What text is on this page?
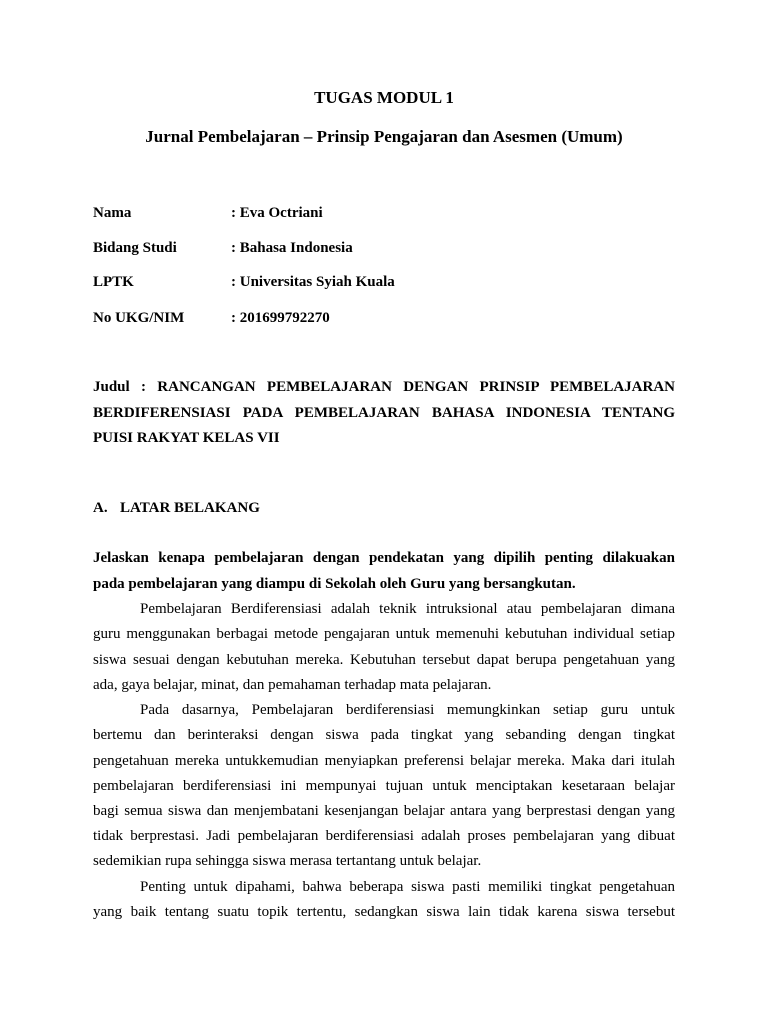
TUGAS MODUL 1
Jurnal Pembelajaran – Prinsip Pengajaran dan Asesmen (Umum)
Nama	: Eva Octriani
Bidang Studi	: Bahasa Indonesia
LPTK	: Universitas Syiah Kuala
No UKG/NIM	: 201699792270
Judul : RANCANGAN PEMBELAJARAN DENGAN PRINSIP PEMBELAJARAN
BERDIFERENSIASI PADA PEMBELAJARAN BAHASA INDONESIA TENTANG
PUISI RAKYAT KELAS VII
A. LATAR BELAKANG
Jelaskan kenapa pembelajaran dengan pendekatan yang dipilih penting dilakuakan
pada pembelajaran yang diampu di Sekolah oleh Guru yang bersangkutan.
Pembelajaran Berdiferensiasi adalah teknik intruksional atau pembelajaran dimana
guru menggunakan berbagai metode pengajaran untuk memenuhi kebutuhan individual setiap
siswa sesuai dengan kebutuhan mereka. Kebutuhan tersebut dapat berupa pengetahuan yang
ada, gaya belajar, minat, dan pemahaman terhadap mata pelajaran.
Pada dasarnya, Pembelajaran berdiferensiasi memungkinkan setiap guru untuk
bertemu dan berinteraksi dengan siswa pada tingkat yang sebanding dengan tingkat
pengetahuan mereka untukkemudian menyiapkan preferensi belajar mereka. Maka dari itulah
pembelajaran berdiferensiasi ini mempunyai tujuan untuk menciptakan kesetaraan belajar
bagi semua siswa dan menjembatani kesenjangan belajar antara yang berprestasi dengan yang
tidak berprestasi. Jadi pembelajaran berdiferensiasi adalah proses pembelajaran yang dibuat
sedemikian rupa sehingga siswa merasa tertantang untuk belajar.
Penting untuk dipahami, bahwa beberapa siswa pasti memiliki tingkat pengetahuan
yang baik tentang suatu topik tertentu, sedangkan siswa lain tidak karena siswa tersebut
